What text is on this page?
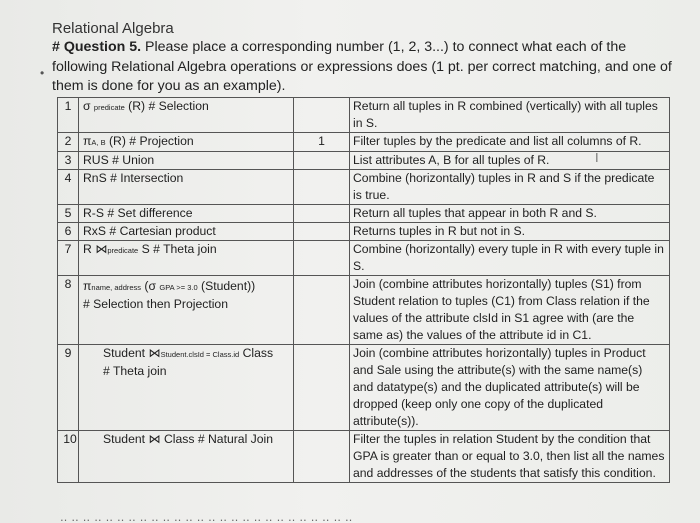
Relational Algebra
•
# Question 5. Please place a corresponding number (1, 2, 3...) to connect what each of the following Relational Algebra operations or expressions does (1 pt. per correct matching, and one of them is done for you as an example).
1	σ predicate (R) # Selection		Return all tuples in R combined (vertically) with all tuples in S.
2	πA, B (R) # Projection	1	Filter tuples by the predicate and list all columns of R.
3	RUS # Union		List attributes A, B for all tuples of R.
4	RnS # Intersection		Combine (horizontally) tuples in R and S if the predicate is true.
5	R-S # Set difference		Return all tuples that appear in both R and S.
6	RxS # Cartesian product		Returns tuples in R but not in S.
7	R ⋈predicate S # Theta join		Combine (horizontally) every tuple in R with every tuple in S.
8	πname, address (σ GPA >= 3.0 (Student))
# Selection then Projection		Join (combine attributes horizontally) tuples (S1) from Student relation to tuples (C1) from Class relation if the values of the attribute clsId in S1 agree with (are the same as) the values of the attribute id in C1.
9	Student ⋈Student.clsId = Class.id Class
# Theta join		Join (combine attributes horizontally) tuples in Product and Sale using the attribute(s) with the same name(s) and datatype(s) and the duplicated attribute(s) will be dropped (keep only one copy of the duplicated attribute(s)).
10	Student ⋈ Class # Natural Join		Filter the tuples in relation Student by the condition that GPA is greater than or equal to 3.0, then list all the names and addresses of the students that satisfy this condition.
I
‥ ‥ ‥ ‥ ‥ ‥ ‥ ‥ ‥ ‥ ‥ ‥ ‥ ‥ ‥ ‥ ‥ ‥ ‥ ‥ ‥ ‥ ‥ ‥ ‥ ‥
